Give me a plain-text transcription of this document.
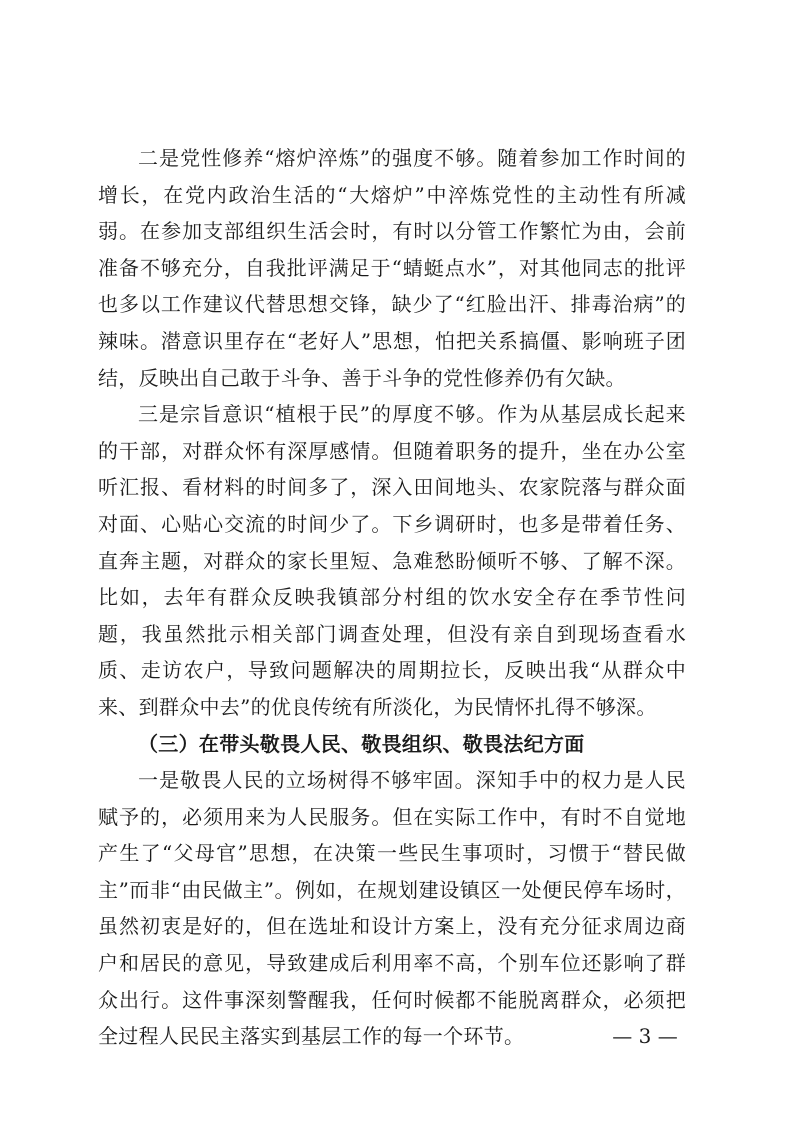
二是党性修养“熔炉淬炼”的强度不够。随着参加工作时间的增长，在党内政治生活的“大熔炉”中淬炼党性的主动性有所减弱。在参加支部组织生活会时，有时以分管工作繁忙为由，会前准备不够充分，自我批评满足于“蜻蜓点水”，对其他同志的批评也多以工作建议代替思想交锋，缺少了“红脸出汗、排毒治病”的辣味。潜意识里存在“老好人”思想，怕把关系搞僵、影响班子团结，反映出自己敢于斗争、善于斗争的党性修养仍有欠缺。

三是宗旨意识“植根于民”的厚度不够。作为从基层成长起来的干部，对群众怀有深厚感情。但随着职务的提升，坐在办公室听汇报、看材料的时间多了，深入田间地头、农家院落与群众面对面、心贴心交流的时间少了。下乡调研时，也多是带着任务、直奔主题，对群众的家长里短、急难愁盼倾听不够、了解不深。比如，去年有群众反映我镇部分村组的饮水安全存在季节性问题，我虽然批示相关部门调查处理，但没有亲自到现场查看水质、走访农户，导致问题解决的周期拉长，反映出我“从群众中来、到群众中去”的优良传统有所淡化，为民情怀扎得不够深。

（三）在带头敬畏人民、敬畏组织、敬畏法纪方面

一是敬畏人民的立场树得不够牢固。深知手中的权力是人民赋予的，必须用来为人民服务。但在实际工作中，有时不自觉地产生了“父母官”思想，在决策一些民生事项时，习惯于“替民做主”而非“由民做主”。例如，在规划建设镇区一处便民停车场时，虽然初衷是好的，但在选址和设计方案上，没有充分征求周边商户和居民的意见，导致建成后利用率不高，个别车位还影响了群众出行。这件事深刻警醒我，任何时候都不能脱离群众，必须把全过程人民民主落实到基层工作的每一个环节。	— 3 —
